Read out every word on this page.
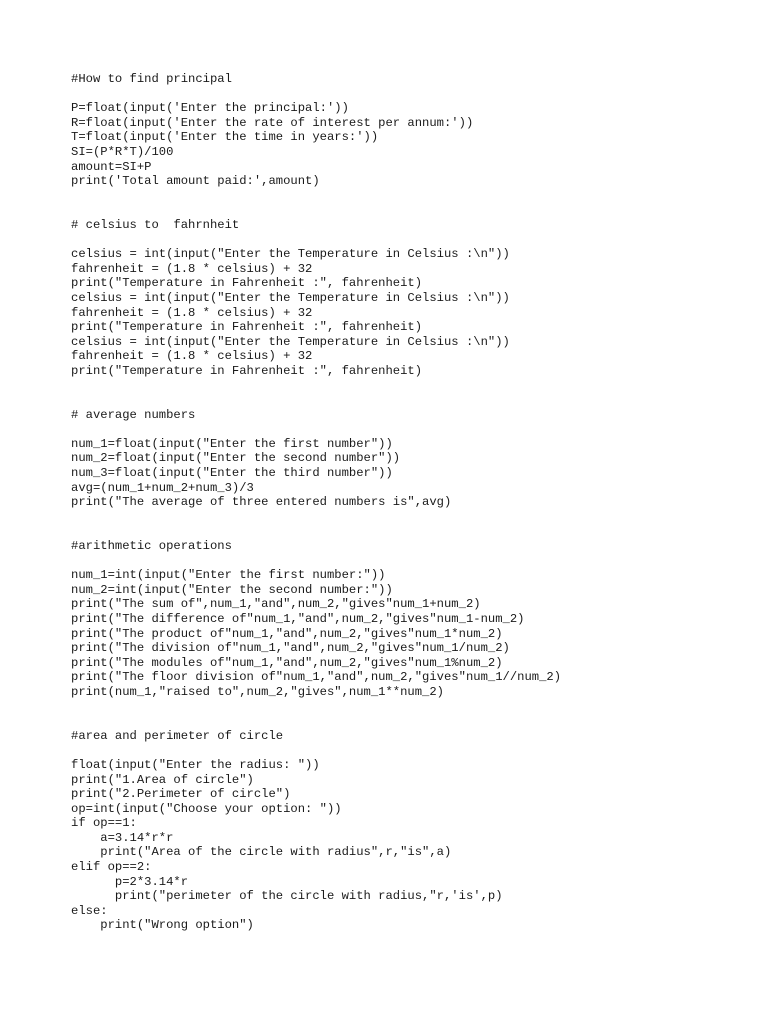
#How to find principal
P=float(input('Enter the principal:'))
R=float(input('Enter the rate of interest per annum:'))
T=float(input('Enter the time in years:'))
SI=(P*R*T)/100
amount=SI+P
print('Total amount paid:',amount)
# celsius to  fahrnheit
celsius = int(input("Enter the Temperature in Celsius :\n"))
fahrenheit = (1.8 * celsius) + 32
print("Temperature in Fahrenheit :", fahrenheit)
celsius = int(input("Enter the Temperature in Celsius :\n"))
fahrenheit = (1.8 * celsius) + 32
print("Temperature in Fahrenheit :", fahrenheit)
celsius = int(input("Enter the Temperature in Celsius :\n"))
fahrenheit = (1.8 * celsius) + 32
print("Temperature in Fahrenheit :", fahrenheit)
# average numbers
num_1=float(input("Enter the first number"))
num_2=float(input("Enter the second number"))
num_3=float(input("Enter the third number"))
avg=(num_1+num_2+num_3)/3
print("The average of three entered numbers is",avg)
#arithmetic operations
num_1=int(input("Enter the first number:"))
num_2=int(input("Enter the second number:"))
print("The sum of",num_1,"and",num_2,"gives"num_1+num_2)
print("The difference of"num_1,"and",num_2,"gives"num_1-num_2)
print("The product of"num_1,"and",num_2,"gives"num_1*num_2)
print("The division of"num_1,"and",num_2,"gives"num_1/num_2)
print("The modules of"num_1,"and",num_2,"gives"num_1%num_2)
print("The floor division of"num_1,"and",num_2,"gives"num_1//num_2)
print(num_1,"raised to",num_2,"gives",num_1**num_2)
#area and perimeter of circle
float(input("Enter the radius: "))
print("1.Area of circle")
print("2.Perimeter of circle")
op=int(input("Choose your option: "))
if op==1:
a=3.14*r*r
print("Area of the circle with radius",r,"is",a)
elif op==2:
p=2*3.14*r
print("perimeter of the circle with radius,"r,'is',p)
else:
print("Wrong option")
